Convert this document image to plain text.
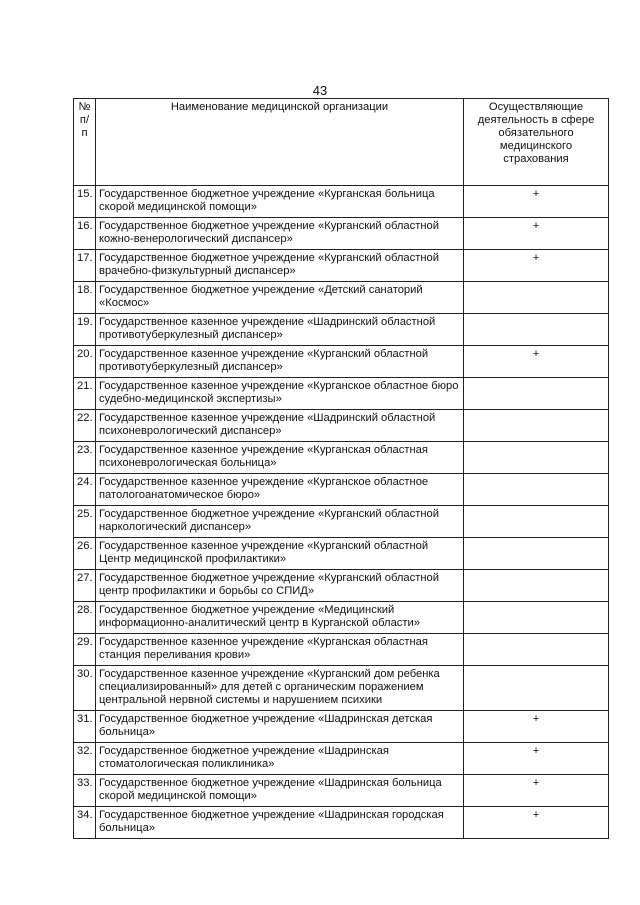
43
№ п/п	Наименование медицинской организации	Осуществляющие деятельность в сфере обязательного медицинского страхования
15.	Государственное бюджетное учреждение «Курганская больница скорой медицинской помощи»	+
16.	Государственное бюджетное учреждение «Курганский областной кожно-венерологический диспансер»	+
17.	Государственное бюджетное учреждение «Курганский областной врачебно-физкультурный диспансер»	+
18.	Государственное бюджетное учреждение «Детский санаторий «Космос»	
19.	Государственное казенное учреждение «Шадринский областной противотуберкулезный диспансер»	
20.	Государственное казенное учреждение «Курганский областной противотуберкулезный диспансер»	+
21.	Государственное казенное учреждение «Курганское областное бюро судебно-медицинской экспертизы»	
22.	Государственное казенное учреждение «Шадринский областной психоневрологический диспансер»	
23.	Государственное казенное учреждение «Курганская областная психоневрологическая больница»	
24.	Государственное казенное учреждение «Курганское областное патологоанатомическое бюро»	
25.	Государственное бюджетное учреждение «Курганский областной наркологический диспансер»	
26.	Государственное казенное учреждение «Курганский областной Центр медицинской профилактики»	
27.	Государственное бюджетное учреждение «Курганский областной центр профилактики и борьбы со СПИД»	
28.	Государственное бюджетное учреждение «Медицинский информационно-аналитический центр в Курганской области»	
29.	Государственное казенное учреждение «Курганская областная станция переливания крови»	
30.	Государственное казенное учреждение «Курганский дом ребенка специализированный» для детей с органическим поражением центральной нервной системы и нарушением психики	
31.	Государственное бюджетное учреждение «Шадринская детская больница»	+
32.	Государственное бюджетное учреждение «Шадринская стоматологическая поликлиника»	+
33.	Государственное бюджетное учреждение «Шадринская больница скорой медицинской помощи»	+
34.	Государственное бюджетное учреждение «Шадринская городская больница»	+
